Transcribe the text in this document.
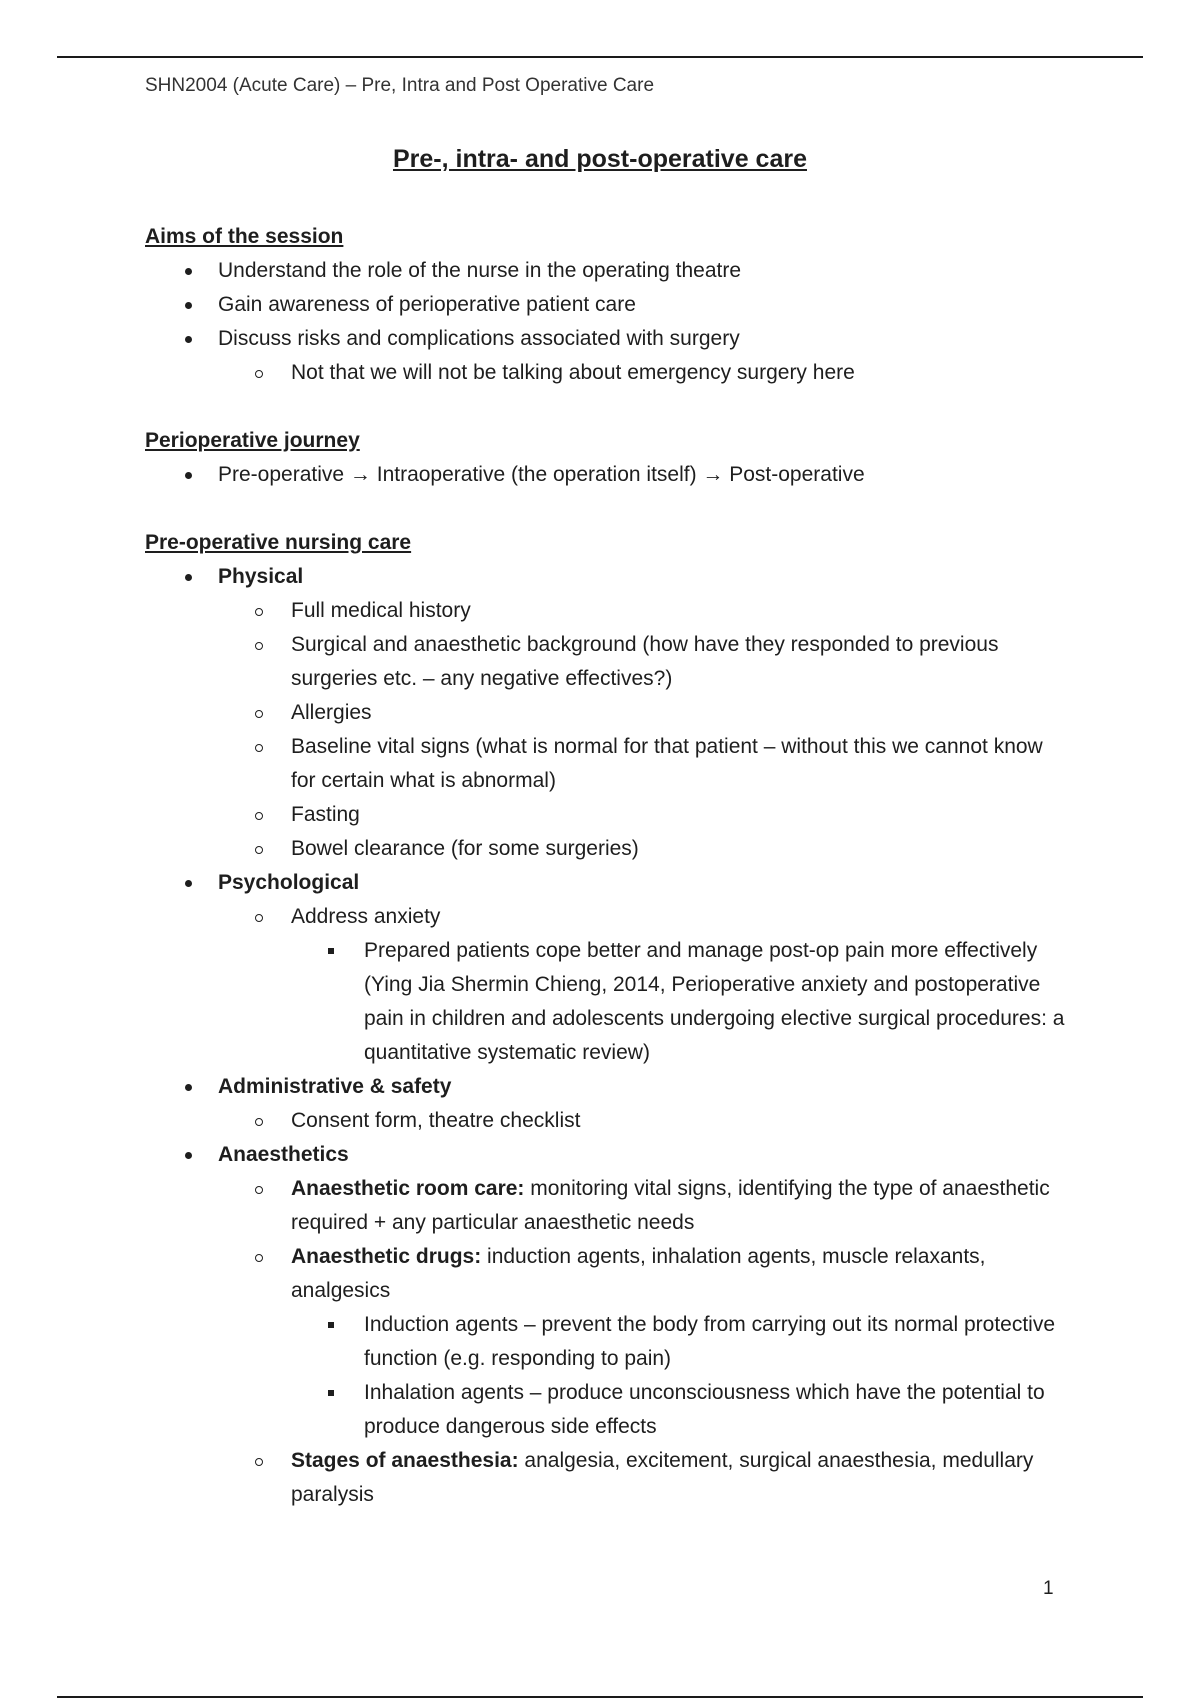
SHN2004 (Acute Care) – Pre, Intra and Post Operative Care
Pre-, intra- and post-operative care

Aims of the session

Understand the role of the nurse in the operating theatre
Gain awareness of perioperative patient care
Discuss risks and complications associated with surgery
Not that we will not be talking about emergency surgery here

Perioperative journey

Pre-operative → Intraoperative (the operation itself) → Post-operative

Pre-operative nursing care

Physical
Full medical history
Surgical and anaesthetic background (how have they responded to previous surgeries etc. – any negative effectives?)
Allergies
Baseline vital signs (what is normal for that patient – without this we cannot know for certain what is abnormal)
Fasting
Bowel clearance (for some surgeries)
Psychological
Address anxiety
Prepared patients cope better and manage post-op pain more effectively (Ying Jia Shermin Chieng, 2014, Perioperative anxiety and postoperative pain in children and adolescents undergoing elective surgical procedures: a quantitative systematic review)
Administrative & safety
Consent form, theatre checklist
Anaesthetics
Anaesthetic room care: monitoring vital signs, identifying the type of anaesthetic required + any particular anaesthetic needs
Anaesthetic drugs: induction agents, inhalation agents, muscle relaxants, analgesics
Induction agents – prevent the body from carrying out its normal protective function (e.g. responding to pain)
Inhalation agents – produce unconsciousness which have the potential to produce dangerous side effects
Stages of anaesthesia: analgesia, excitement, surgical anaesthesia, medullary paralysis
1
